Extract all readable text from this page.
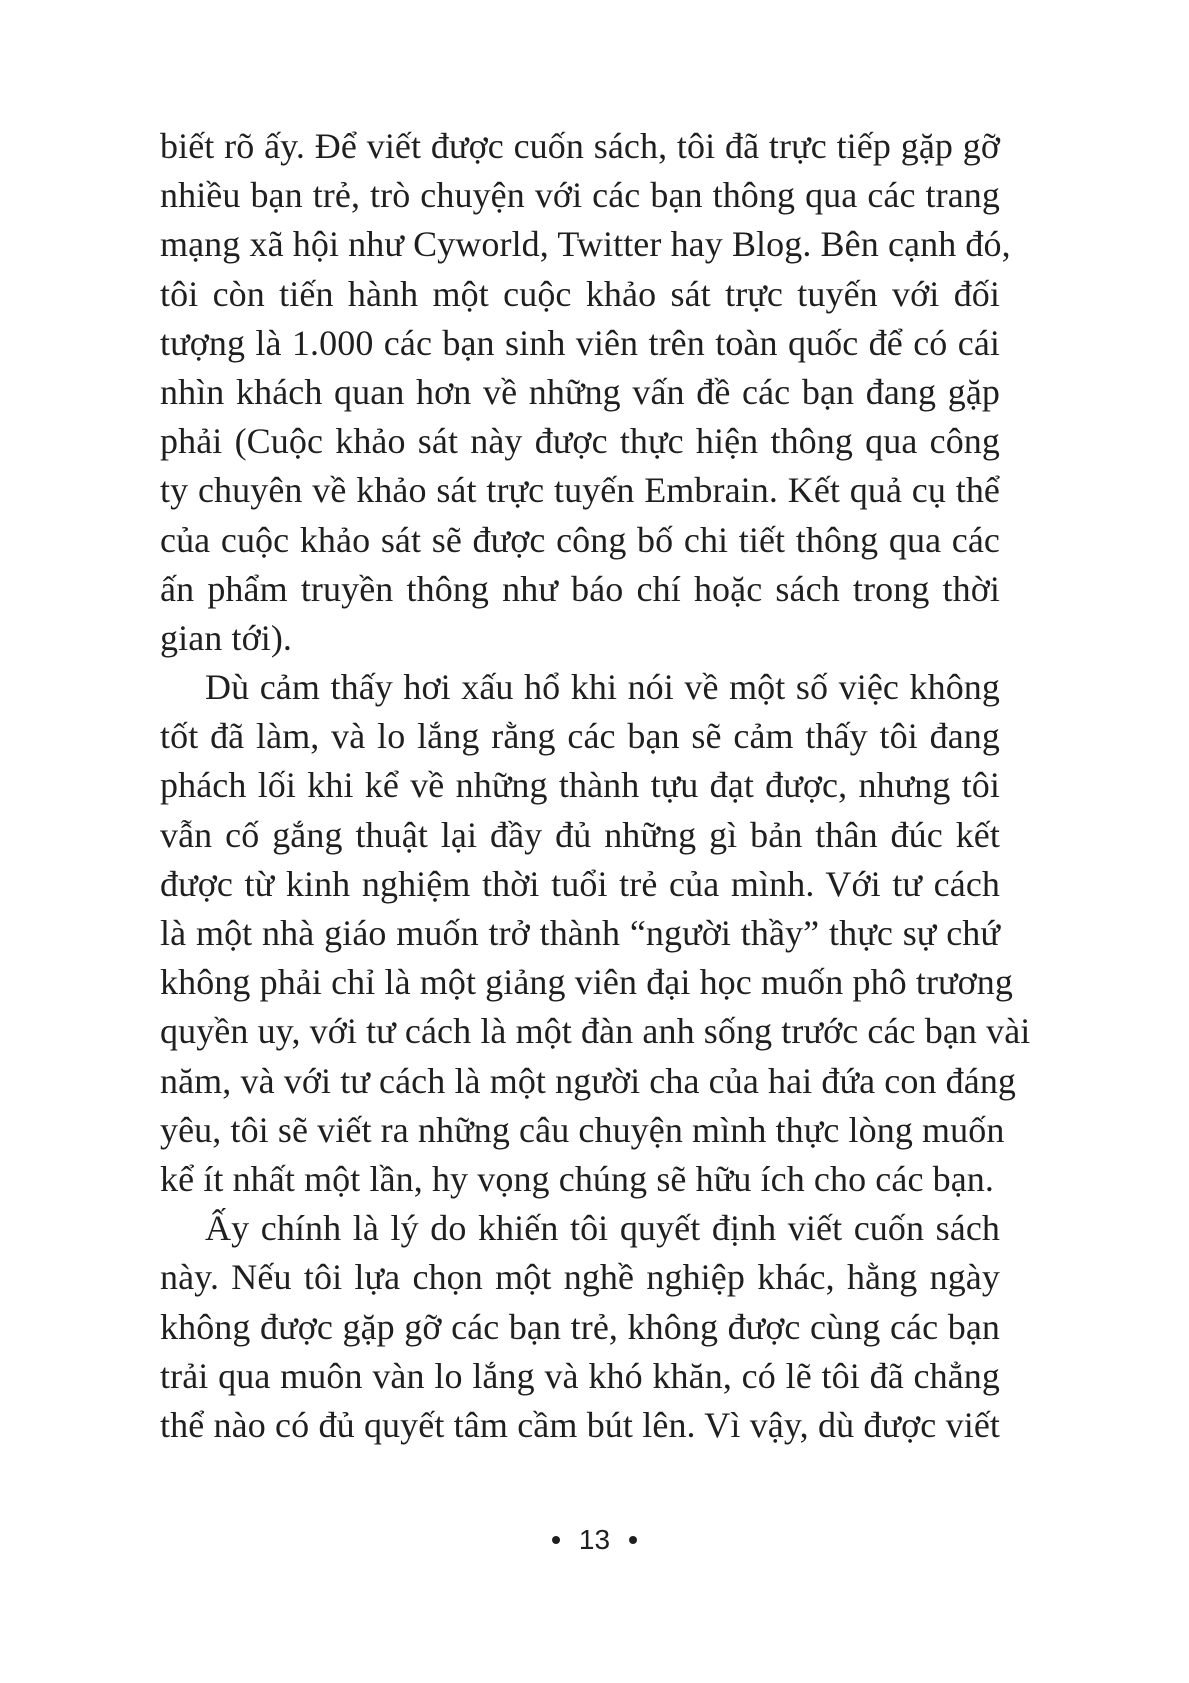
biết rõ ấy. Để viết được cuốn sách, tôi đã trực tiếp gặp gỡ
nhiều bạn trẻ, trò chuyện với các bạn thông qua các trang
mạng xã hội như Cyworld, Twitter hay Blog. Bên cạnh đó,
tôi còn tiến hành một cuộc khảo sát trực tuyến với đối
tượng là 1.000 các bạn sinh viên trên toàn quốc để có cái
nhìn khách quan hơn về những vấn đề các bạn đang gặp
phải (Cuộc khảo sát này được thực hiện thông qua công
ty chuyên về khảo sát trực tuyến Embrain. Kết quả cụ thể
của cuộc khảo sát sẽ được công bố chi tiết thông qua các
ấn phẩm truyền thông như báo chí hoặc sách trong thời
gian tới).
Dù cảm thấy hơi xấu hổ khi nói về một số việc không
tốt đã làm, và lo lắng rằng các bạn sẽ cảm thấy tôi đang
phách lối khi kể về những thành tựu đạt được, nhưng tôi
vẫn cố gắng thuật lại đầy đủ những gì bản thân đúc kết
được từ kinh nghiệm thời tuổi trẻ của mình. Với tư cách
là một nhà giáo muốn trở thành “người thầy” thực sự chứ
không phải chỉ là một giảng viên đại học muốn phô trương
quyền uy, với tư cách là một đàn anh sống trước các bạn vài
năm, và với tư cách là một người cha của hai đứa con đáng
yêu, tôi sẽ viết ra những câu chuyện mình thực lòng muốn
kể ít nhất một lần, hy vọng chúng sẽ hữu ích cho các bạn.
Ấy chính là lý do khiến tôi quyết định viết cuốn sách
này. Nếu tôi lựa chọn một nghề nghiệp khác, hằng ngày
không được gặp gỡ các bạn trẻ, không được cùng các bạn
trải qua muôn vàn lo lắng và khó khăn, có lẽ tôi đã chẳng
thể nào có đủ quyết tâm cầm bút lên. Vì vậy, dù được viết
• 13 •
